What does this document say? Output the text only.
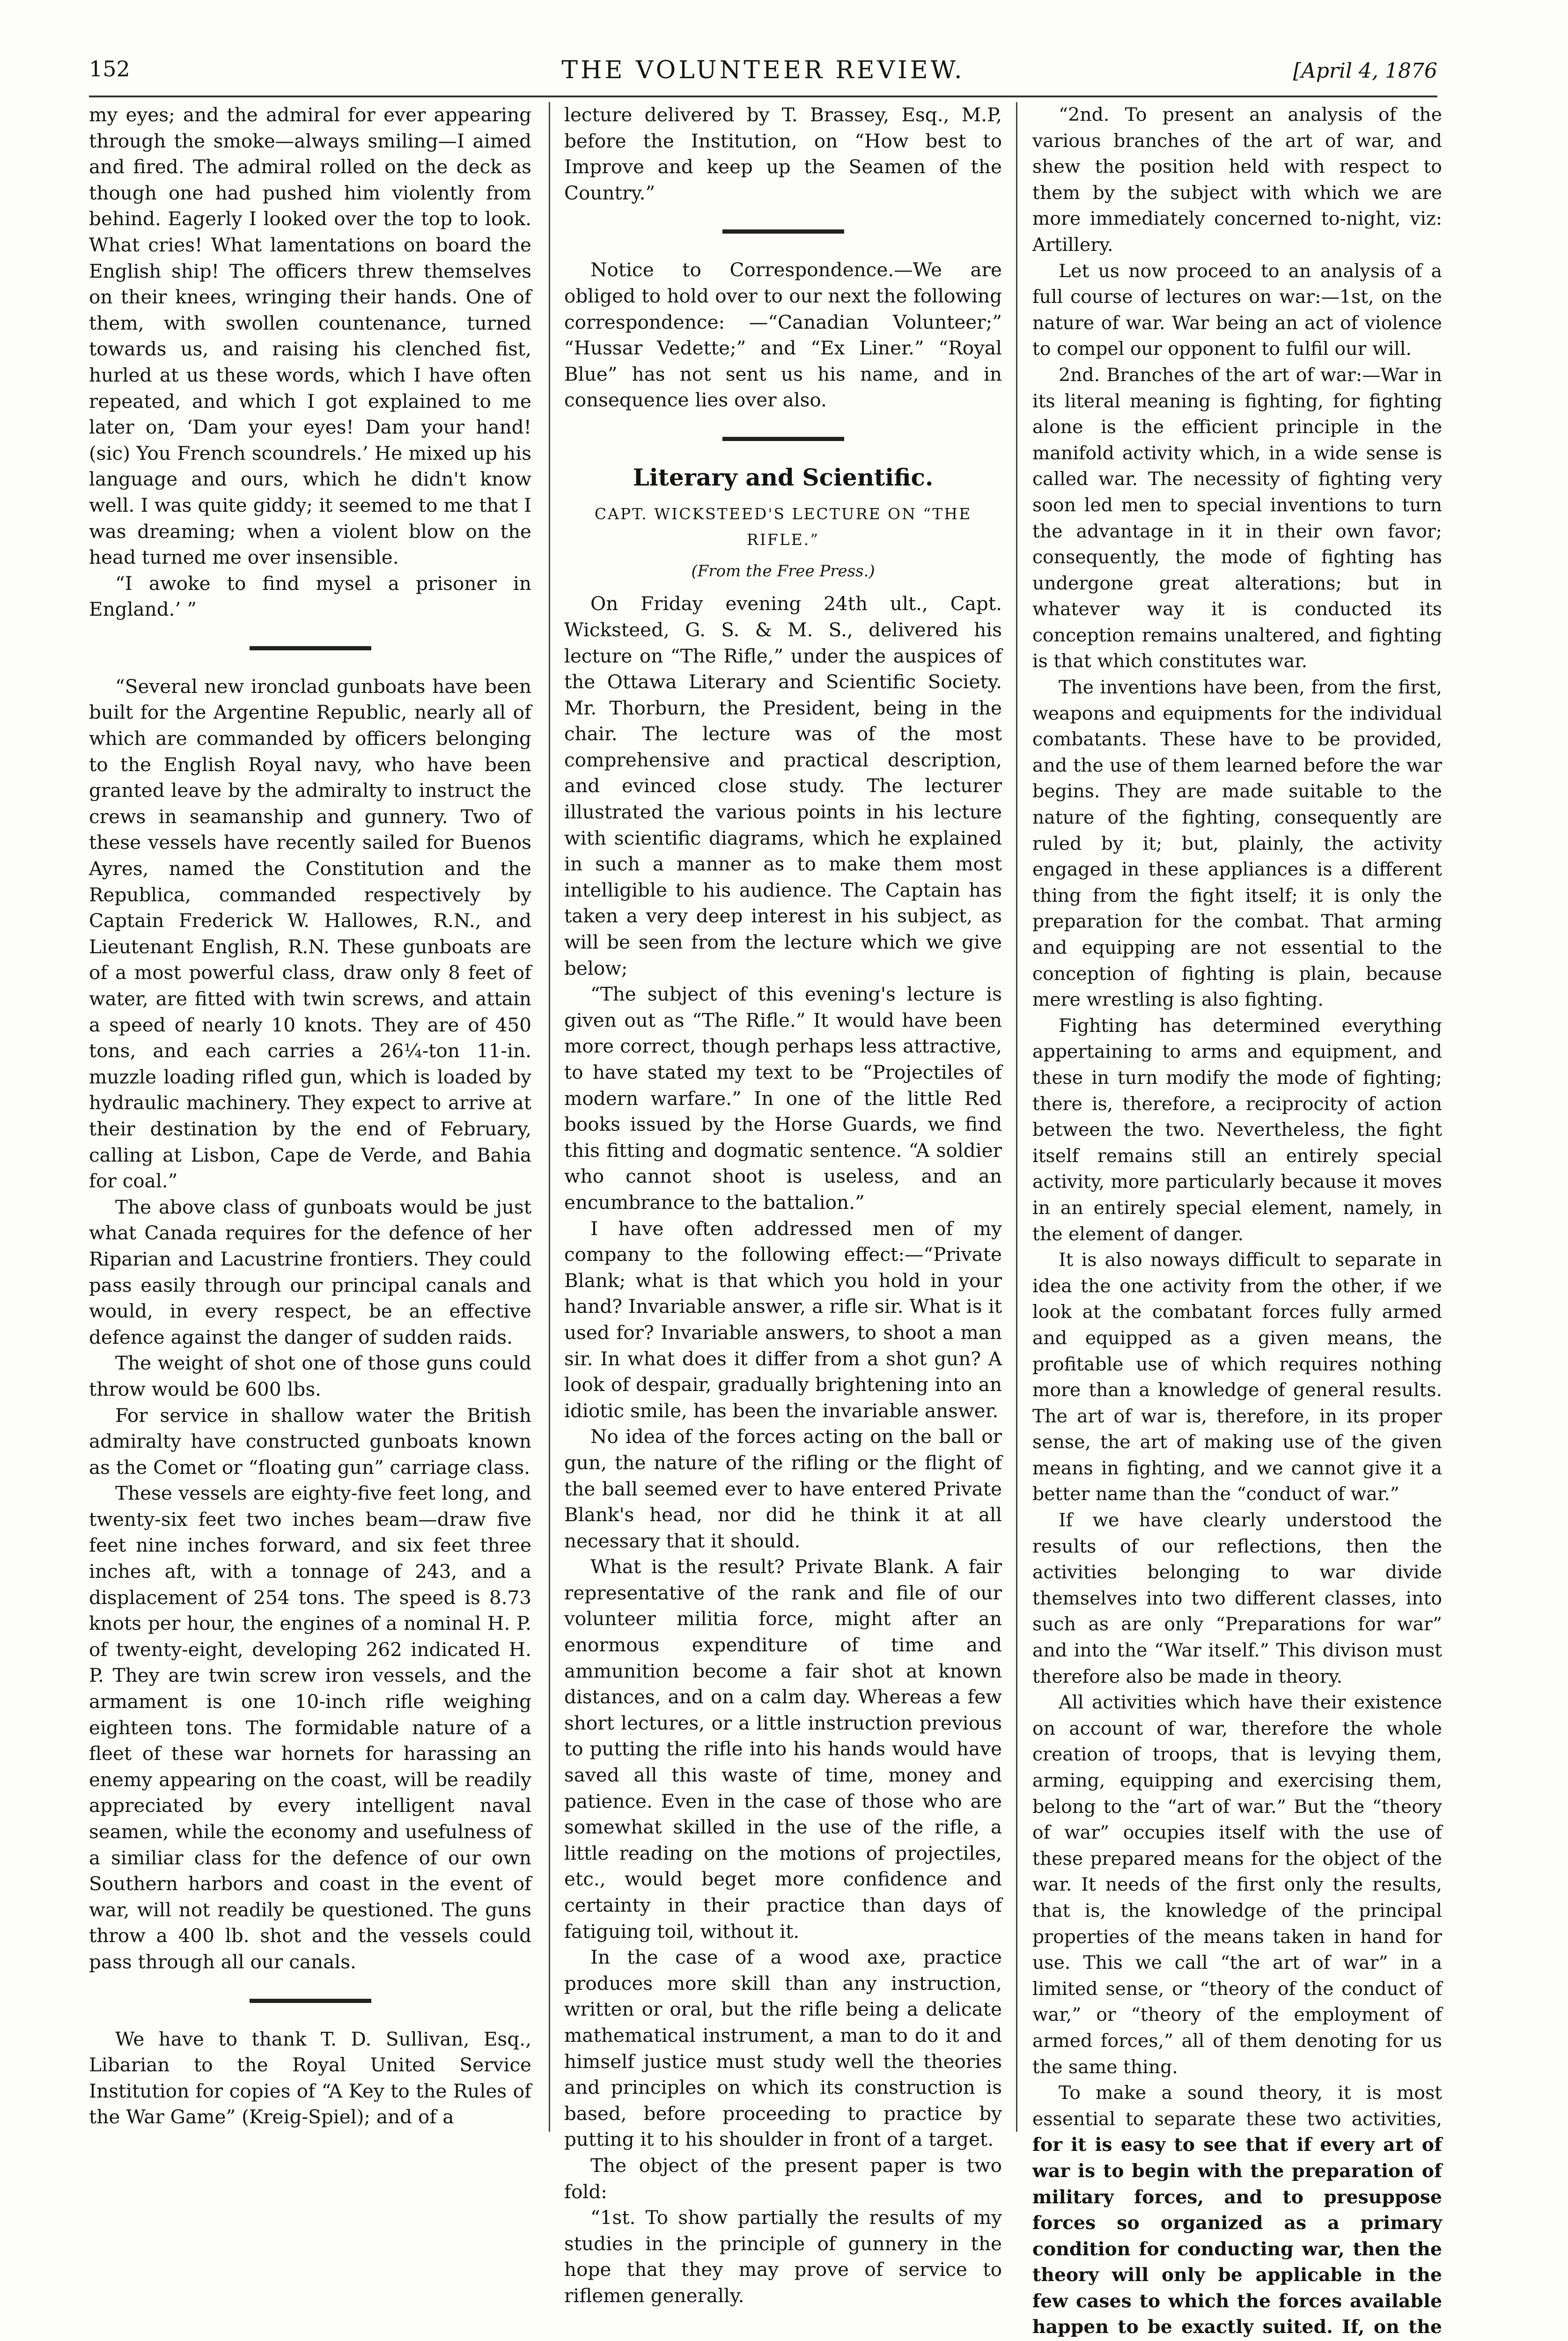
152	THE VOLUNTEER REVIEW.	[April 4, 1876

my eyes; and the admiral for ever appearing through the smoke—always smiling—I aimed and fired. The admiral rolled on the deck as though one had pushed him violently from behind. Eagerly I looked over the top to look. What cries! What lamentations on board the English ship! The officers threw themselves on their knees, wringing their hands. One of them, with swollen countenance, turned towards us, and raising his clenched fist, hurled at us these words, which I have often repeated, and which I got explained to me later on, ‘Dam your eyes! Dam your hand! (sic) You French scoundrels.’ He mixed up his language and ours, which he didn't know well. I was quite giddy; it seemed to me that I was dreaming; when a violent blow on the head turned me over insensible.

“I awoke to find mysel a prisoner in England.’ ”

“Several new ironclad gunboats have been built for the Argentine Republic, nearly all of which are commanded by officers belonging to the English Royal navy, who have been granted leave by the admiralty to instruct the crews in seamanship and gunnery. Two of these vessels have recently sailed for Buenos Ayres, named the Constitution and the Republica, commanded respectively by Captain Frederick W. Hallowes, R.N., and Lieutenant English, R.N. These gunboats are of a most powerful class, draw only 8 feet of water, are fitted with twin screws, and attain a speed of nearly 10 knots. They are of 450 tons, and each carries a 26¼-ton 11-in. muzzle loading rifled gun, which is loaded by hydraulic machinery. They expect to arrive at their destination by the end of February, calling at Lisbon, Cape de Verde, and Bahia for coal.”

The above class of gunboats would be just what Canada requires for the defence of her Riparian and Lacustrine frontiers. They could pass easily through our principal canals and would, in every respect, be an effective defence against the danger of sudden raids.

The weight of shot one of those guns could throw would be 600 lbs.

For service in shallow water the British admiralty have constructed gunboats known as the Comet or “floating gun” carriage class.

These vessels are eighty-five feet long, and twenty-six feet two inches beam—draw five feet nine inches forward, and six feet three inches aft, with a tonnage of 243, and a displacement of 254 tons. The speed is 8.73 knots per hour, the engines of a nominal H. P. of twenty-eight, developing 262 indicated H. P. They are twin screw iron vessels, and the armament is one 10-inch rifle weighing eighteen tons. The formidable nature of a fleet of these war hornets for harassing an enemy appearing on the coast, will be readily appreciated by every intelligent naval seamen, while the economy and usefulness of a similiar class for the defence of our own Southern harbors and coast in the event of war, will not readily be questioned. The guns throw a 400 lb. shot and the vessels could pass through all our canals.

We have to thank T. D. Sullivan, Esq., Libarian to the Royal United Service Institution for copies of “A Key to the Rules of the War Game” (Kreig-Spiel); and of a

lecture delivered by T. Brassey, Esq., M.P, before the Institution, on “How best to Improve and keep up the Seamen of the Country.”

Notice to Correspondence.—We are obliged to hold over to our next the following correspondence: —“Canadian Volunteer;” “Hussar Vedette;” and “Ex Liner.” “Royal Blue” has not sent us his name, and in consequence lies over also.

Literary and Scientific.
CAPT. WICKSTEED'S LECTURE ON “THE RIFLE.”
(From the Free Press.)

On Friday evening 24th ult., Capt. Wicksteed, G. S. & M. S., delivered his lecture on “The Rifle,” under the auspices of the Ottawa Literary and Scientific Society. Mr. Thorburn, the President, being in the chair. The lecture was of the most comprehensive and practical description, and evinced close study. The lecturer illustrated the various points in his lecture with scientific diagrams, which he explained in such a manner as to make them most intelligible to his audience. The Captain has taken a very deep interest in his subject, as will be seen from the lecture which we give below;

“The subject of this evening's lecture is given out as “The Rifle.” It would have been more correct, though perhaps less attractive, to have stated my text to be “Projectiles of modern warfare.” In one of the little Red books issued by the Horse Guards, we find this fitting and dogmatic sentence. “A soldier who cannot shoot is useless, and an encumbrance to the battalion.”

I have often addressed men of my company to the following effect:—“Private Blank; what is that which you hold in your hand? Invariable answer, a rifle sir. What is it used for? Invariable answers, to shoot a man sir. In what does it differ from a shot gun? A look of despair, gradually brightening into an idiotic smile, has been the invariable answer.

No idea of the forces acting on the ball or gun, the nature of the rifling or the flight of the ball seemed ever to have entered Private Blank's head, nor did he think it at all necessary that it should.

What is the result? Private Blank. A fair representative of the rank and file of our volunteer militia force, might after an enormous expenditure of time and ammunition become a fair shot at known distances, and on a calm day. Whereas a few short lectures, or a little instruction previous to putting the rifle into his hands would have saved all this waste of time, money and patience. Even in the case of those who are somewhat skilled in the use of the rifle, a little reading on the motions of projectiles, etc., would beget more confidence and certainty in their practice than days of fatiguing toil, without it.

In the case of a wood axe, practice produces more skill than any instruction, written or oral, but the rifle being a delicate mathematical instrument, a man to do it and himself justice must study well the theories and principles on which its construction is based, before proceeding to practice by putting it to his shoulder in front of a target.

The object of the present paper is two fold:

“1st. To show partially the results of my studies in the principle of gunnery in the hope that they may prove of service to riflemen generally.

“2nd. To present an analysis of the various branches of the art of war, and shew the position held with respect to them by the subject with which we are more immediately concerned to-night, viz: Artillery.

Let us now proceed to an analysis of a full course of lectures on war:—1st, on the nature of war. War being an act of violence to compel our opponent to fulfil our will.

2nd. Branches of the art of war:—War in its literal meaning is fighting, for fighting alone is the efficient principle in the manifold activity which, in a wide sense is called war. The necessity of fighting very soon led men to special inventions to turn the advantage in it in their own favor; consequently, the mode of fighting has undergone great alterations; but in whatever way it is conducted its conception remains unaltered, and fighting is that which constitutes war.

The inventions have been, from the first, weapons and equipments for the individual combatants. These have to be provided, and the use of them learned before the war begins. They are made suitable to the nature of the fighting, consequently are ruled by it; but, plainly, the activity engaged in these appliances is a different thing from the fight itself; it is only the preparation for the combat. That arming and equipping are not essential to the conception of fighting is plain, because mere wrestling is also fighting.

Fighting has determined everything appertaining to arms and equipment, and these in turn modify the mode of fighting; there is, therefore, a reciprocity of action between the two. Nevertheless, the fight itself remains still an entirely special activity, more particularly because it moves in an entirely special element, namely, in the element of danger.

It is also noways difficult to separate in idea the one activity from the other, if we look at the combatant forces fully armed and equipped as a given means, the profitable use of which requires nothing more than a knowledge of general results. The art of war is, therefore, in its proper sense, the art of making use of the given means in fighting, and we cannot give it a better name than the “conduct of war.”

If we have clearly understood the results of our reflections, then the activities belonging to war divide themselves into two different classes, into such as are only “Preparations for war” and into the “War itself.” This divison must therefore also be made in theory.

All activities which have their existence on account of war, therefore the whole creation of troops, that is levying them, arming, equipping and exercising them, belong to the “art of war.” But the “theory of war” occupies itself with the use of these prepared means for the object of the war. It needs of the first only the results, that is, the knowledge of the principal properties of the means taken in hand for use. This we call “the art of war” in a limited sense, or “theory of the conduct of war,” or “theory of the employment of armed forces,” all of them denoting for us the same thing.

To make a sound theory, it is most essential to separate these two activities, for it is easy to see that if every art of war is to begin with the preparation of military forces, and to presuppose forces so organized as a primary condition for conducting war, then the theory will only be applicable in the few cases to which the forces available happen to be exactly suited. If, on the
